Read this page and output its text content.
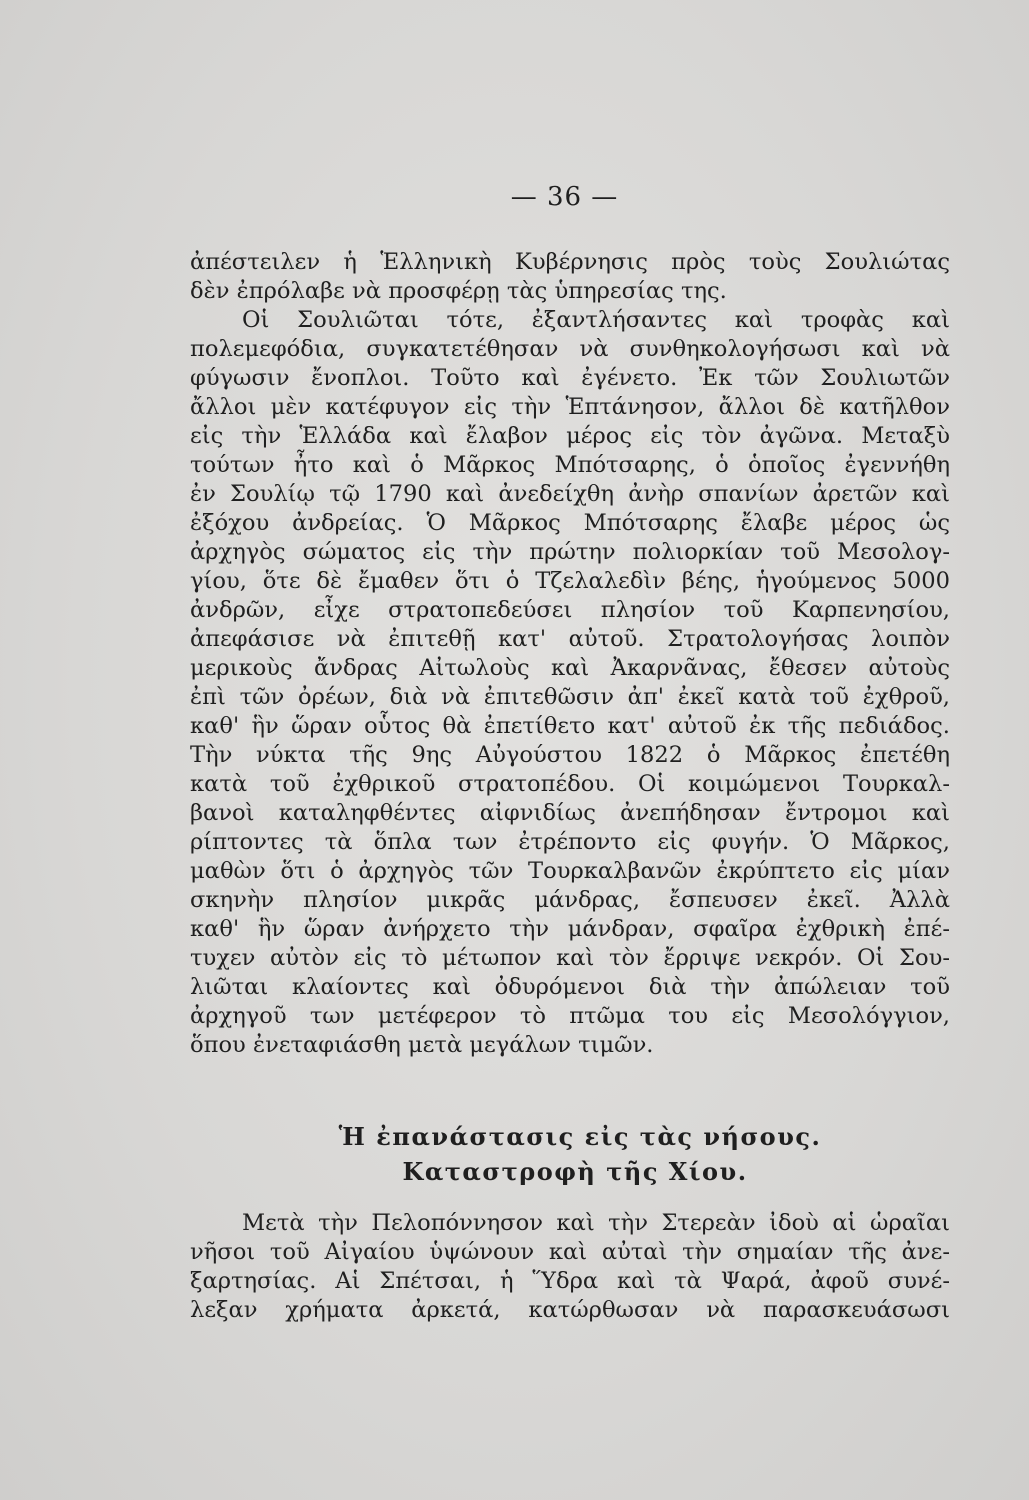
— 36 —
ἀπέστειλεν ἡ Ἑλληνικὴ Κυβέρνησις πρὸς τοὺς Σουλιώτας
δὲν ἐπρόλαβε νὰ προσφέρῃ τὰς ὑπηρεσίας της.
Οἱ Σουλιῶται τότε, ἐξαντλήσαντες καὶ τροφὰς καὶ
πολεμεφόδια, συγκατετέθησαν νὰ συνθηκολογήσωσι καὶ νὰ
φύγωσιν ἔνοπλοι. Τοῦτο καὶ ἐγένετο. Ἐκ τῶν Σουλιωτῶν
ἄλλοι μὲν κατέφυγον εἰς τὴν Ἑπτάνησον, ἄλλοι δὲ κατῆλθον
εἰς τὴν Ἑλλάδα καὶ ἔλαβον μέρος εἰς τὸν ἀγῶνα. Μεταξὺ
τούτων ἦτο καὶ ὁ Μᾶρκος Μπότσαρης, ὁ ὁποῖος ἐγεννήθη
ἐν Σουλίῳ τῷ 1790 καὶ ἀνεδείχθη ἀνὴρ σπανίων ἀρετῶν καὶ
ἐξόχου ἀνδρείας. Ὁ Μᾶρκος Μπότσαρης ἔλαβε μέρος ὡς
ἀρχηγὸς σώματος εἰς τὴν πρώτην πολιορκίαν τοῦ Μεσολογ-
γίου, ὅτε δὲ ἔμαθεν ὅτι ὁ Τζελαλεδὶν βέης, ἡγούμενος 5000
ἀνδρῶν, εἶχε στρατοπεδεύσει πλησίον τοῦ Καρπενησίου,
ἀπεφάσισε νὰ ἐπιτεθῇ κατ' αὐτοῦ. Στρατολογήσας λοιπὸν
μερικοὺς ἄνδρας Αἰτωλοὺς καὶ Ἀκαρνᾶνας, ἔθεσεν αὐτοὺς
ἐπὶ τῶν ὀρέων, διὰ νὰ ἐπιτεθῶσιν ἀπ' ἐκεῖ κατὰ τοῦ ἐχθροῦ,
καθ' ἣν ὥραν οὗτος θὰ ἐπετίθετο κατ' αὐτοῦ ἐκ τῆς πεδιάδος.
Τὴν νύκτα τῆς 9ης Αὐγούστου 1822 ὁ Μᾶρκος ἐπετέθη
κατὰ τοῦ ἐχθρικοῦ στρατοπέδου. Οἱ κοιμώμενοι Τουρκαλ-
βανοὶ καταληφθέντες αἰφνιδίως ἀνεπήδησαν ἔντρομοι καὶ
ρίπτοντες τὰ ὅπλα των ἐτρέποντο εἰς φυγήν. Ὁ Μᾶρκος,
μαθὼν ὅτι ὁ ἀρχηγὸς τῶν Τουρκαλβανῶν ἐκρύπτετο εἰς μίαν
σκηνὴν πλησίον μικρᾶς μάνδρας, ἔσπευσεν ἐκεῖ. Ἀλλὰ
καθ' ἣν ὥραν ἀνήρχετο τὴν μάνδραν, σφαῖρα ἐχθρικὴ ἐπέ-
τυχεν αὐτὸν εἰς τὸ μέτωπον καὶ τὸν ἔρριψε νεκρόν. Οἱ Σου-
λιῶται κλαίοντες καὶ ὀδυρόμενοι διὰ τὴν ἀπώλειαν τοῦ
ἀρχηγοῦ των μετέφερον τὸ πτῶμα του εἰς Μεσολόγγιον,
ὅπου ἐνεταφιάσθη μετὰ μεγάλων τιμῶν.
Ἡ ἐπανάστασις εἰς τὰς νήσους.
Καταστροφὴ τῆς Χίου.
Μετὰ τὴν Πελοπόννησον καὶ τὴν Στερεὰν ἰδοὺ αἱ ὡραῖαι
νῆσοι τοῦ Αἰγαίου ὑψώνουν καὶ αὐταὶ τὴν σημαίαν τῆς ἀνε-
ξαρτησίας. Αἱ Σπέτσαι, ἡ Ὕδρα καὶ τὰ Ψαρά, ἀφοῦ συνέ-
λεξαν χρήματα ἀρκετά, κατώρθωσαν νὰ παρασκευάσωσι
